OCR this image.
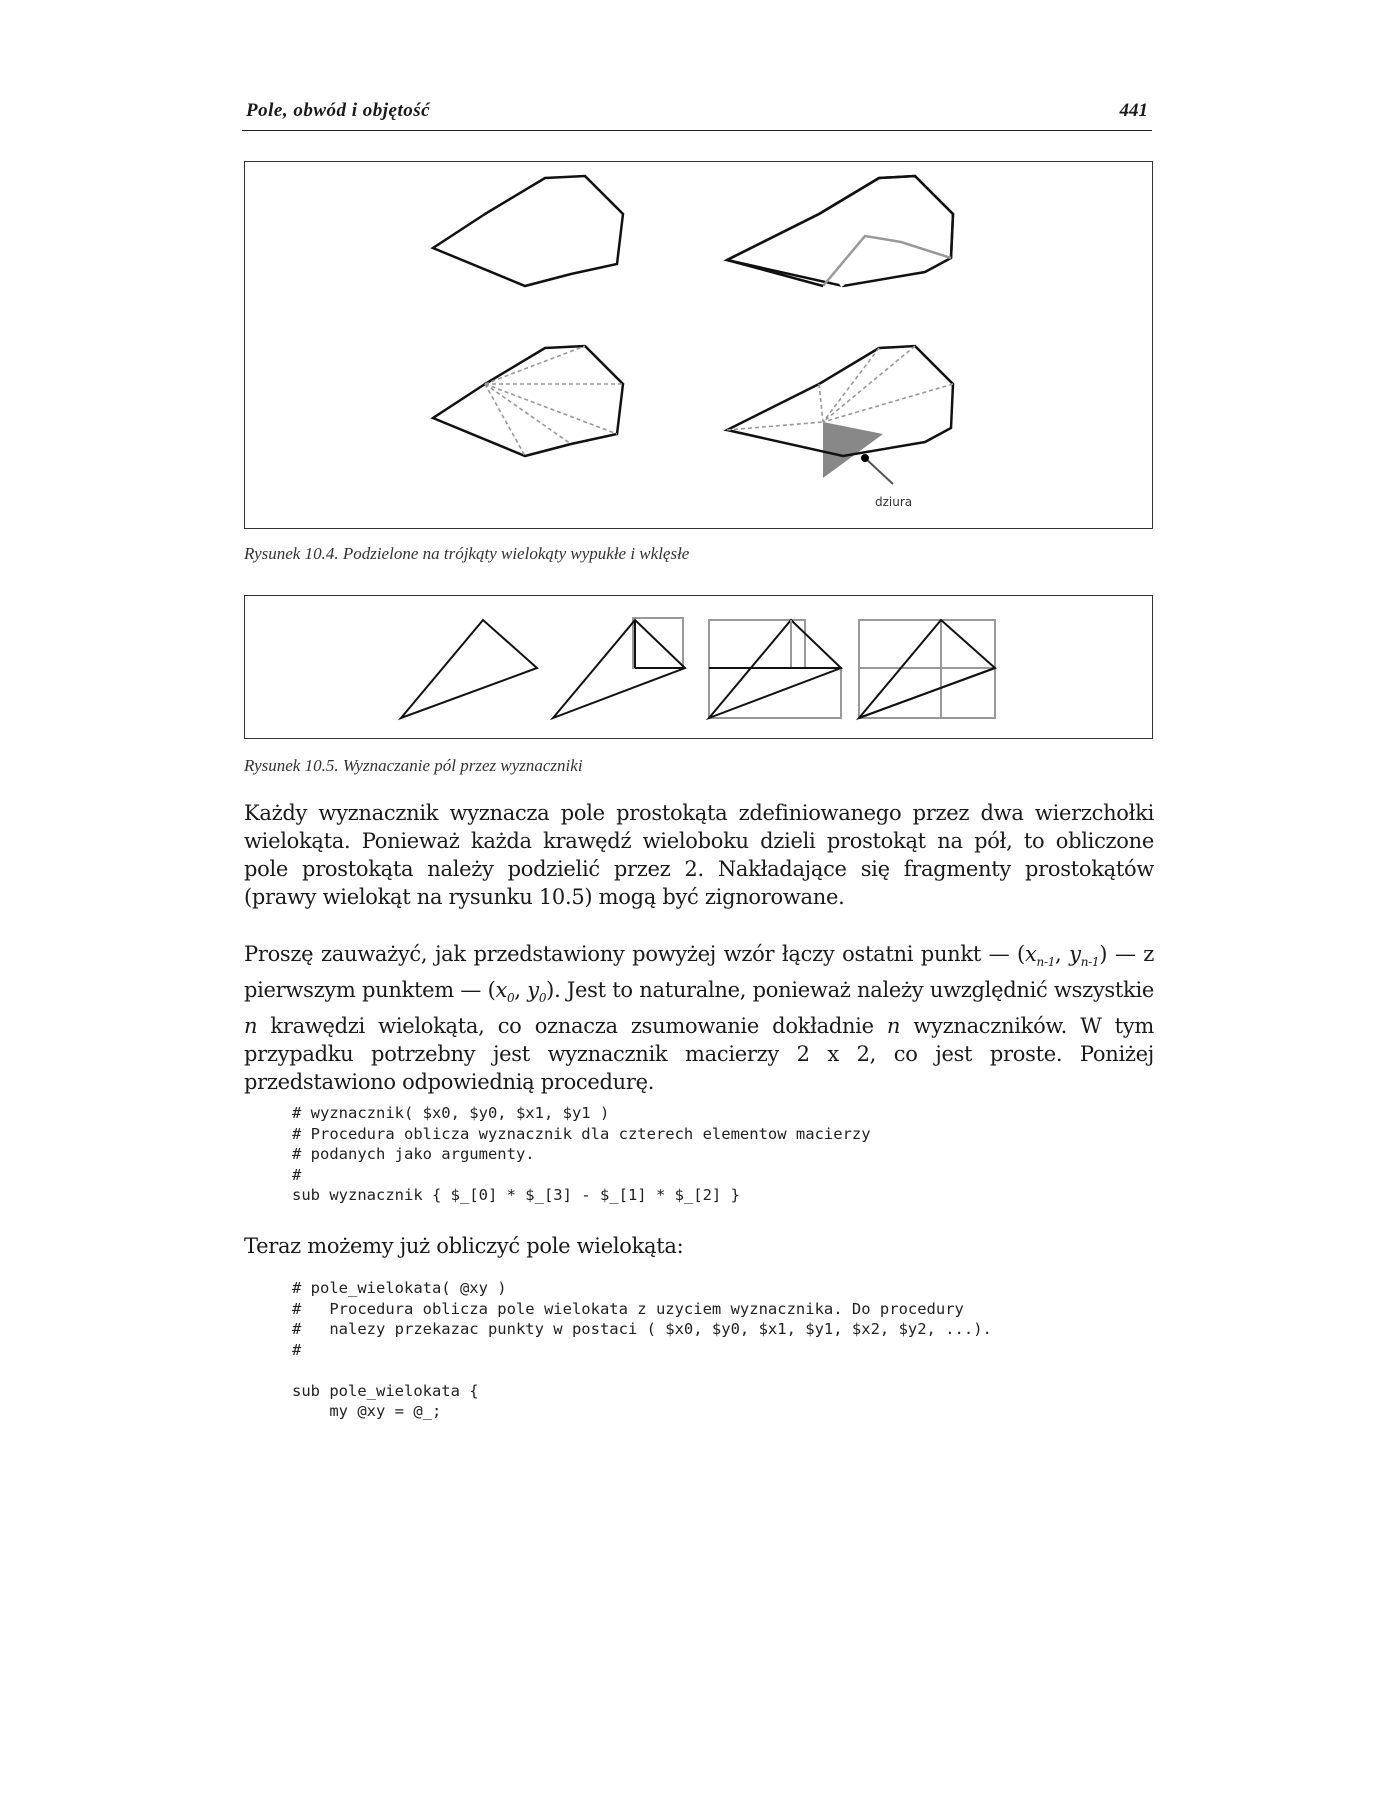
Pole, obwód i objętość	441
dziura
Rysunek 10.4. Podzielone na trójkąty wielokąty wypukłe i wklęsłe
Rysunek 10.5. Wyznaczanie pól przez wyznaczniki

Każdy wyznacznik wyznacza pole prostokąta zdefiniowanego przez dwa wierzchołki wielokąta. Ponieważ każda krawędź wieloboku dzieli prostokąt na pół, to obliczone pole prostokąta należy podzielić przez 2. Nakładające się fragmenty prostokątów (prawy wielokąt na rysunku 10.5) mogą być zignorowane.

Proszę zauważyć, jak przedstawiony powyżej wzór łączy ostatni punkt — ($x_{n-1}$, $y_{n-1}$) — z pierwszym punktem — ($x_0$, $y_0$). Jest to naturalne, ponieważ należy uwzględnić wszystkie n krawędzi wielokąta, co oznacza zsumowanie dokładnie n wyznaczników. W tym przypadku potrzebny jest wyznacznik macierzy 2 x 2, co jest proste. Poniżej przedstawiono odpowiednią procedurę.

# wyznacznik( $x0, $y0, $x1, $y1 )
# Procedura oblicza wyznacznik dla czterech elementow macierzy
# podanych jako argumenty.
#
sub wyznacznik { $_[0] * $_[3] - $_[1] * $_[2] }

Teraz możemy już obliczyć pole wielokąta:

# pole_wielokata( @xy )
#   Procedura oblicza pole wielokata z uzyciem wyznacznika. Do procedury
#   nalezy przekazac punkty w postaci ( $x0, $y0, $x1, $y1, $x2, $y2, ...).
#

sub pole_wielokata {
my @xy = @_;
